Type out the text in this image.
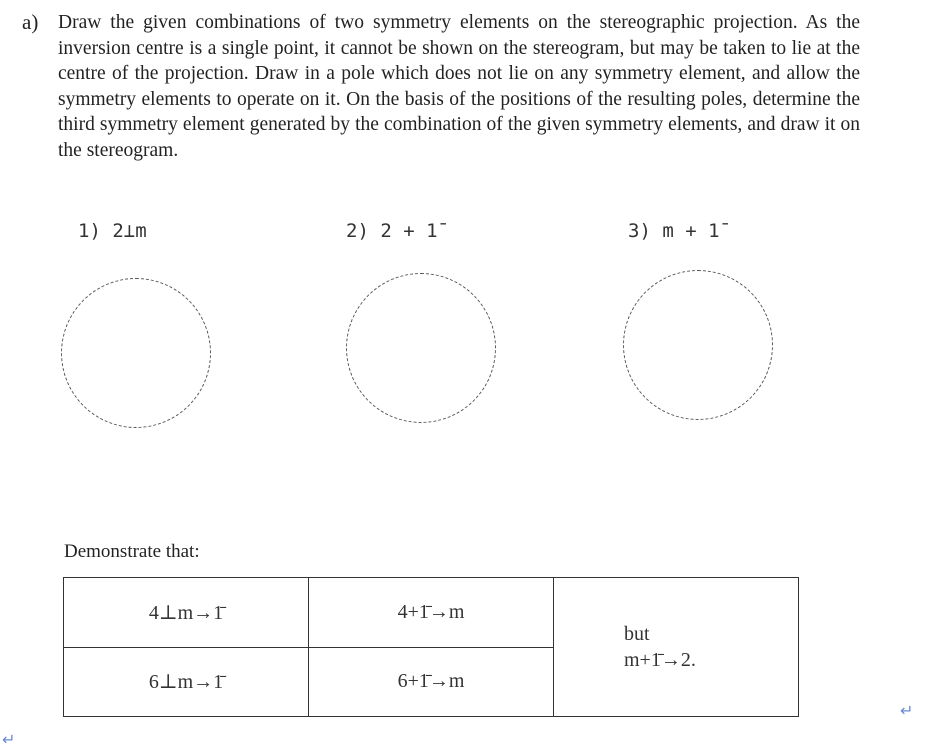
a) Draw the given combinations of two symmetry elements on the stereographic projection. As the inversion centre is a single point, it cannot be shown on the stereogram, but may be taken to lie at the centre of the projection. Draw in a pole which does not lie on any symmetry element, and allow the symmetry elements to operate on it. On the basis of the positions of the resulting poles, determine the third symmetry element generated by the combination of the given symmetry elements, and draw it on the stereogram.
1) 2⊥m	2) 2 + 1̄	3) m + 1̄
Demonstrate that:
4⊥m→1̄	4+1̄→m	but
m+1̄→2.

6⊥m→1̄	6+1̄→m	
↵
↵
